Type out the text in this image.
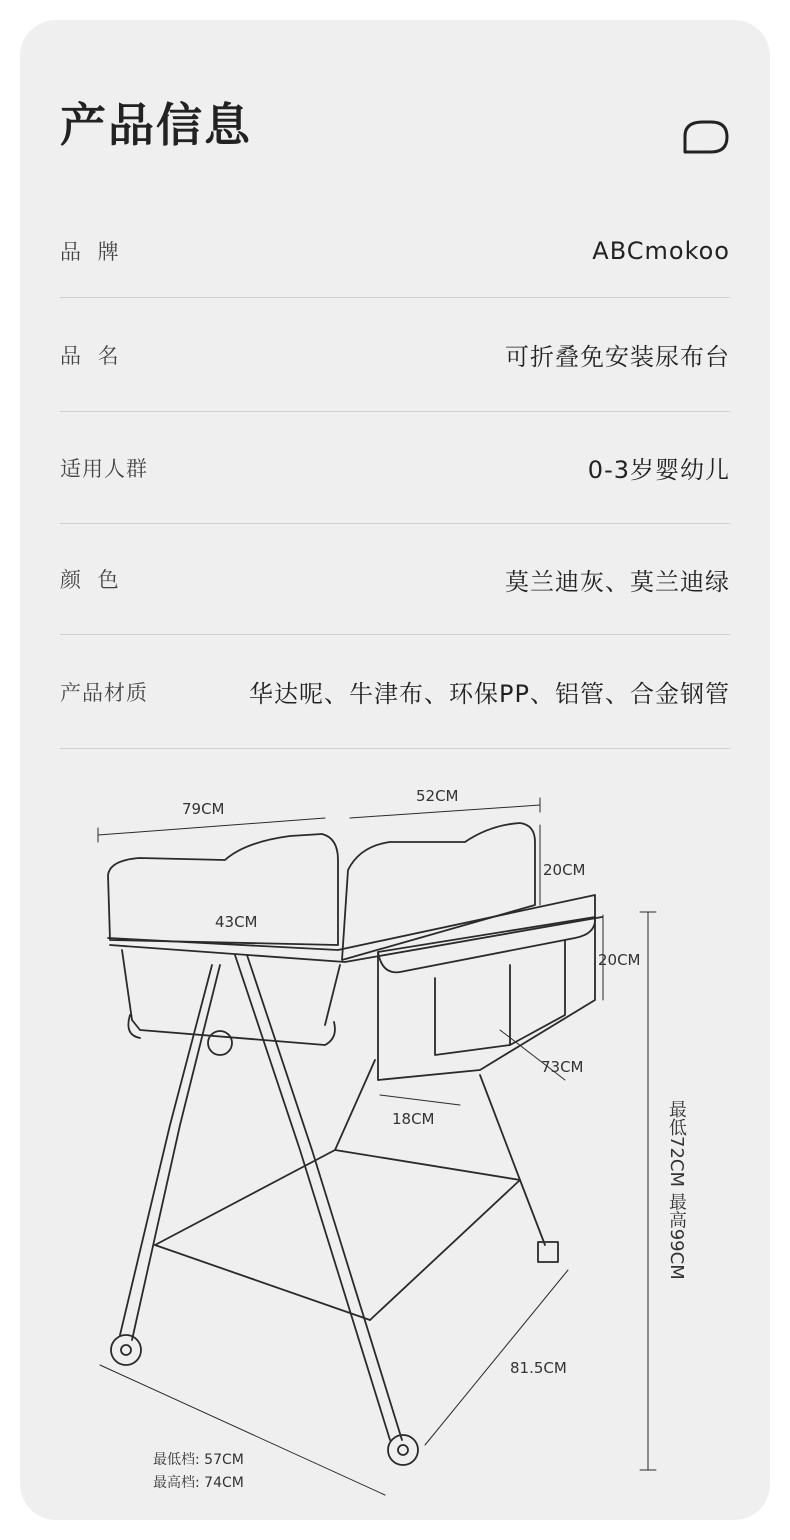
产品信息
品 牌	ABCmokoo
品 名	可折叠免安装尿布台
适用人群	0-3岁婴幼儿
颜 色	莫兰迪灰、莫兰迪绿
产品材质	华达呢、牛津布、环保PP、铝管、合金钢管
79CM
52CM
20CM
43CM
20CM
73CM
18CM
81.5CM
最低72CM 最高99CM
最低档: 57CM
最高档: 74CM
